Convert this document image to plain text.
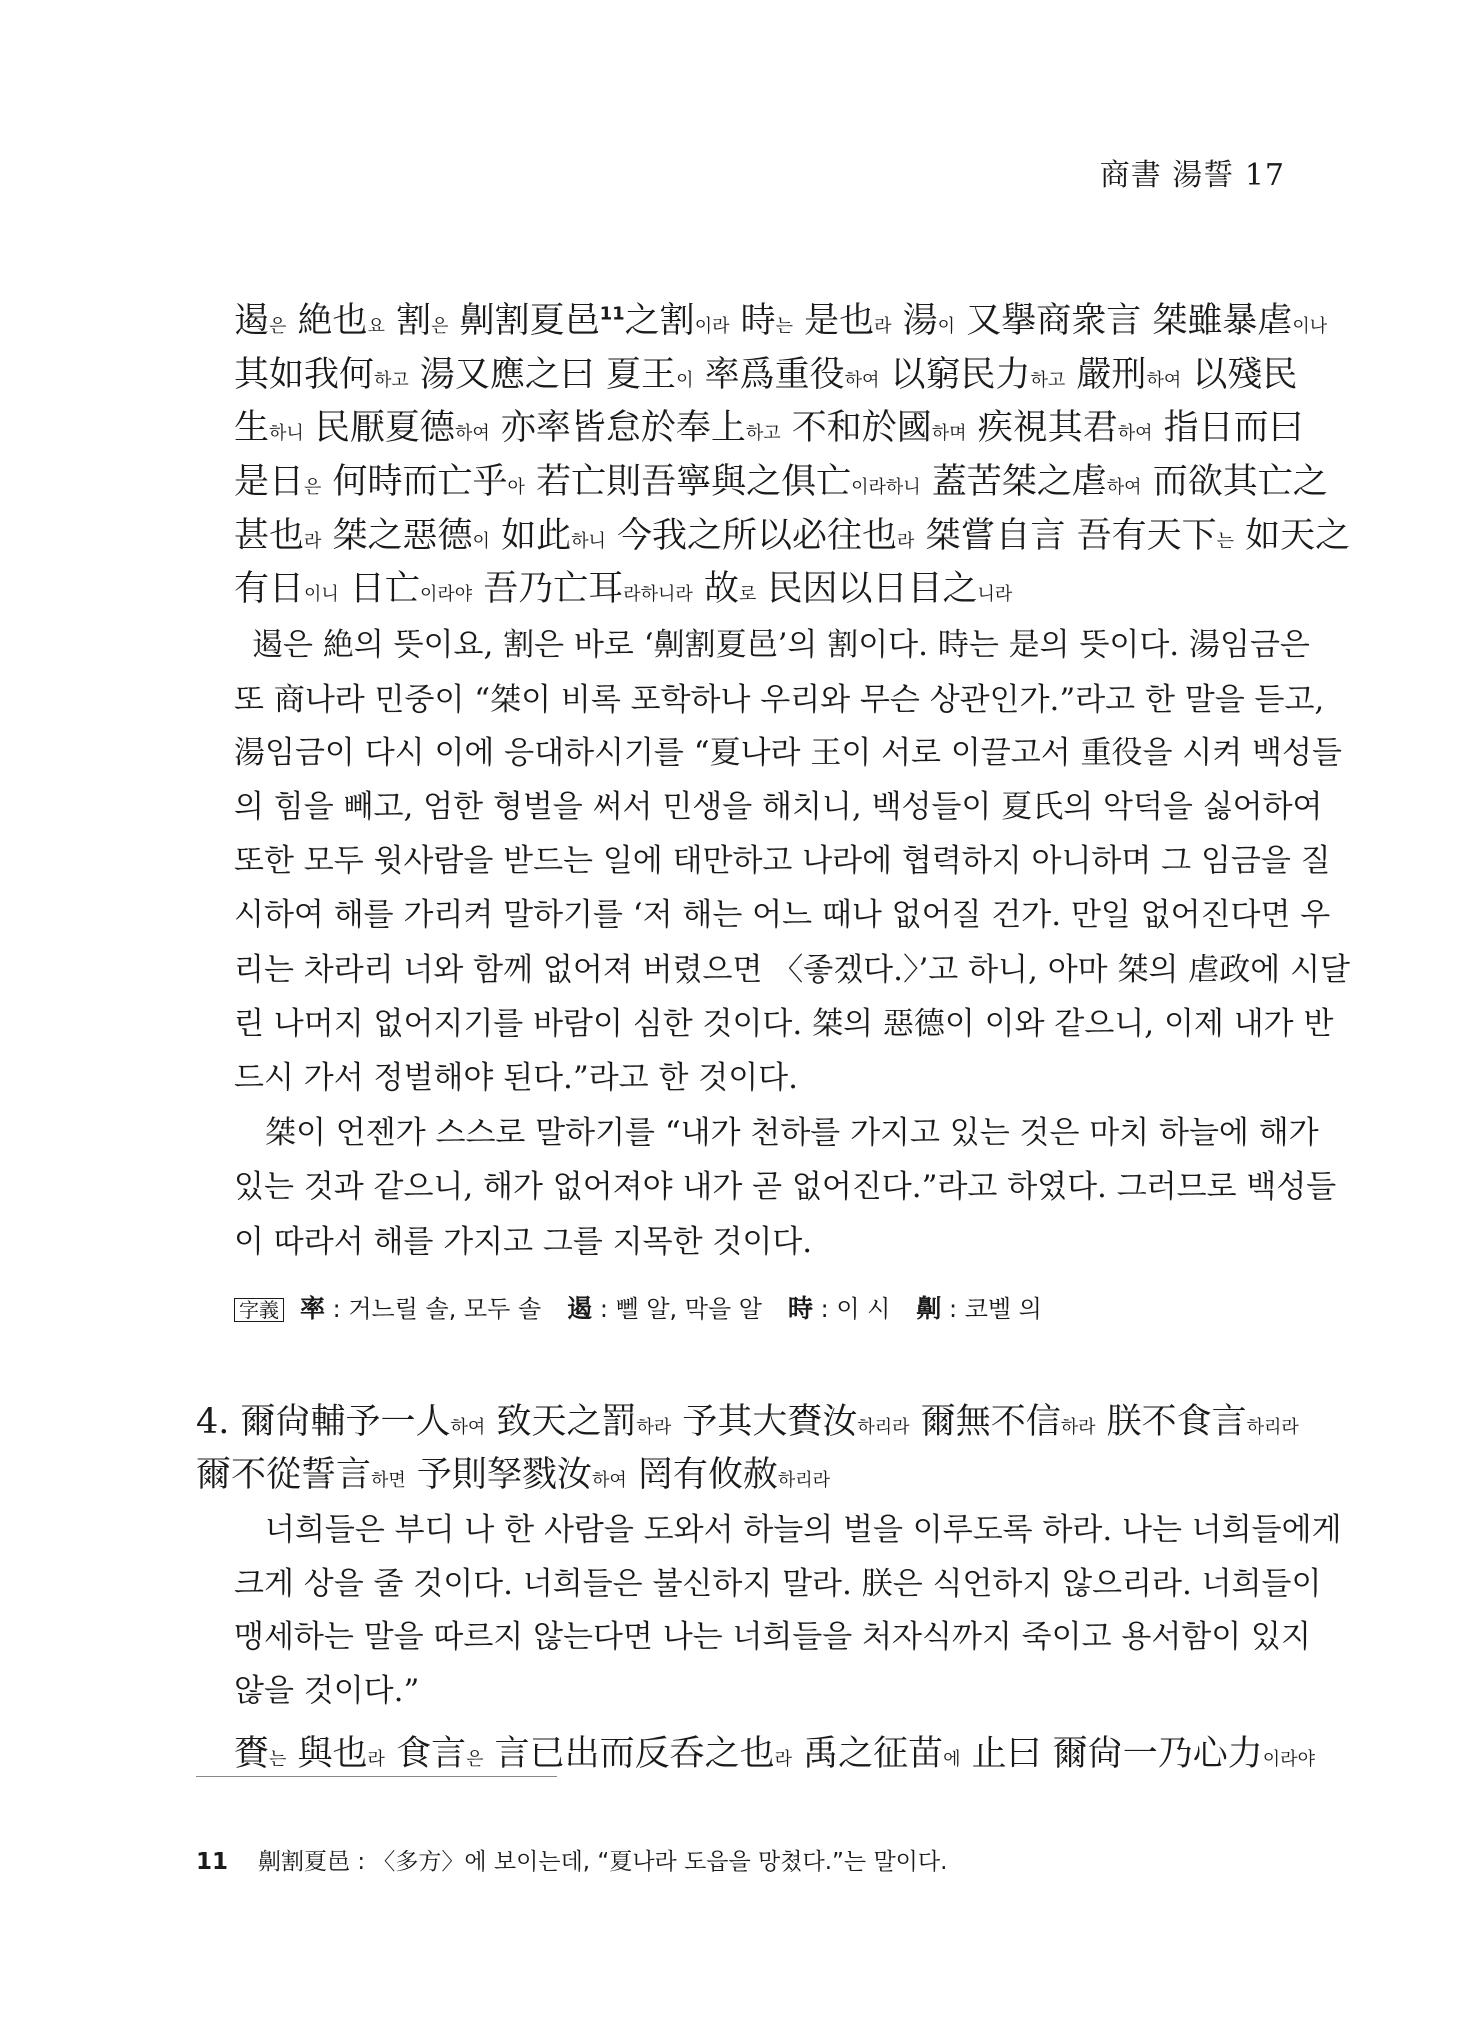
商書 湯誓 17
遏은 絶也요 割은 劓割夏邑$^{11}$之割이라 時는 是也라 湯이 又擧商衆言 桀雖暴虐이나
其如我何하고 湯又應之曰 夏王이 率爲重役하여 以窮民力하고 嚴刑하여 以殘民
生하니 民厭夏德하여 亦率皆怠於奉上하고 不和於國하며 疾視其君하여 指日而曰
是日은 何時而亡乎아 若亡則吾寧與之俱亡이라하니 蓋苦桀之虐하여 而欲其亡之
甚也라 桀之惡德이 如此하니 今我之所以必往也라 桀嘗自言 吾有天下는 如天之
有日이니 日亡이라야 吾乃亡耳라하니라 故로 民因以日目之니라
遏은 絶의 뜻이요, 割은 바로 ‘劓割夏邑’의 割이다. 時는 是의 뜻이다. 湯임금은
또 商나라 민중이 “桀이 비록 포학하나 우리와 무슨 상관인가.”라고 한 말을 듣고,
湯임금이 다시 이에 응대하시기를 “夏나라 王이 서로 이끌고서 重役을 시켜 백성들
의 힘을 빼고, 엄한 형벌을 써서 민생을 해치니, 백성들이 夏氏의 악덕을 싫어하여
또한 모두 윗사람을 받드는 일에 태만하고 나라에 협력하지 아니하며 그 임금을 질
시하여 해를 가리켜 말하기를 ‘저 해는 어느 때나 없어질 건가. 만일 없어진다면 우
리는 차라리 너와 함께 없어져 버렸으면 〈좋겠다.〉’고 하니, 아마 桀의 虐政에 시달
린 나머지 없어지기를 바람이 심한 것이다. 桀의 惡德이 이와 같으니, 이제 내가 반
드시 가서 정벌해야 된다.”라고 한 것이다.
　桀이 언젠가 스스로 말하기를 “내가 천하를 가지고 있는 것은 마치 하늘에 해가
있는 것과 같으니, 해가 없어져야 내가 곧 없어진다.”라고 하였다. 그러므로 백성들
이 따라서 해를 가지고 그를 지목한 것이다.
字義 率 : 거느릴 솔, 모두 솔 遏 : 뻴 알, 막을 알 時 : 이 시 劓 : 코벨 의
4. 爾尙輔予一人하여 致天之罰하라 予其大賚汝하리라 爾無不信하라 朕不食言하리라
爾不從誓言하면 予則孥戮汝하여 罔有攸赦하리라
　너희들은 부디 나 한 사람을 도와서 하늘의 벌을 이루도록 하라. 나는 너희들에게
크게 상을 줄 것이다. 너희들은 불신하지 말라. 朕은 식언하지 않으리라. 너희들이
맹세하는 말을 따르지 않는다면 나는 너희들을 처자식까지 죽이고 용서함이 있지
않을 것이다.”
賚는 與也라 食言은 言已出而反呑之也라 禹之征苗에 止曰 爾尙一乃心力이라야
11 劓割夏邑 : 〈多方〉에 보이는데, “夏나라 도읍을 망쳤다.”는 말이다.
